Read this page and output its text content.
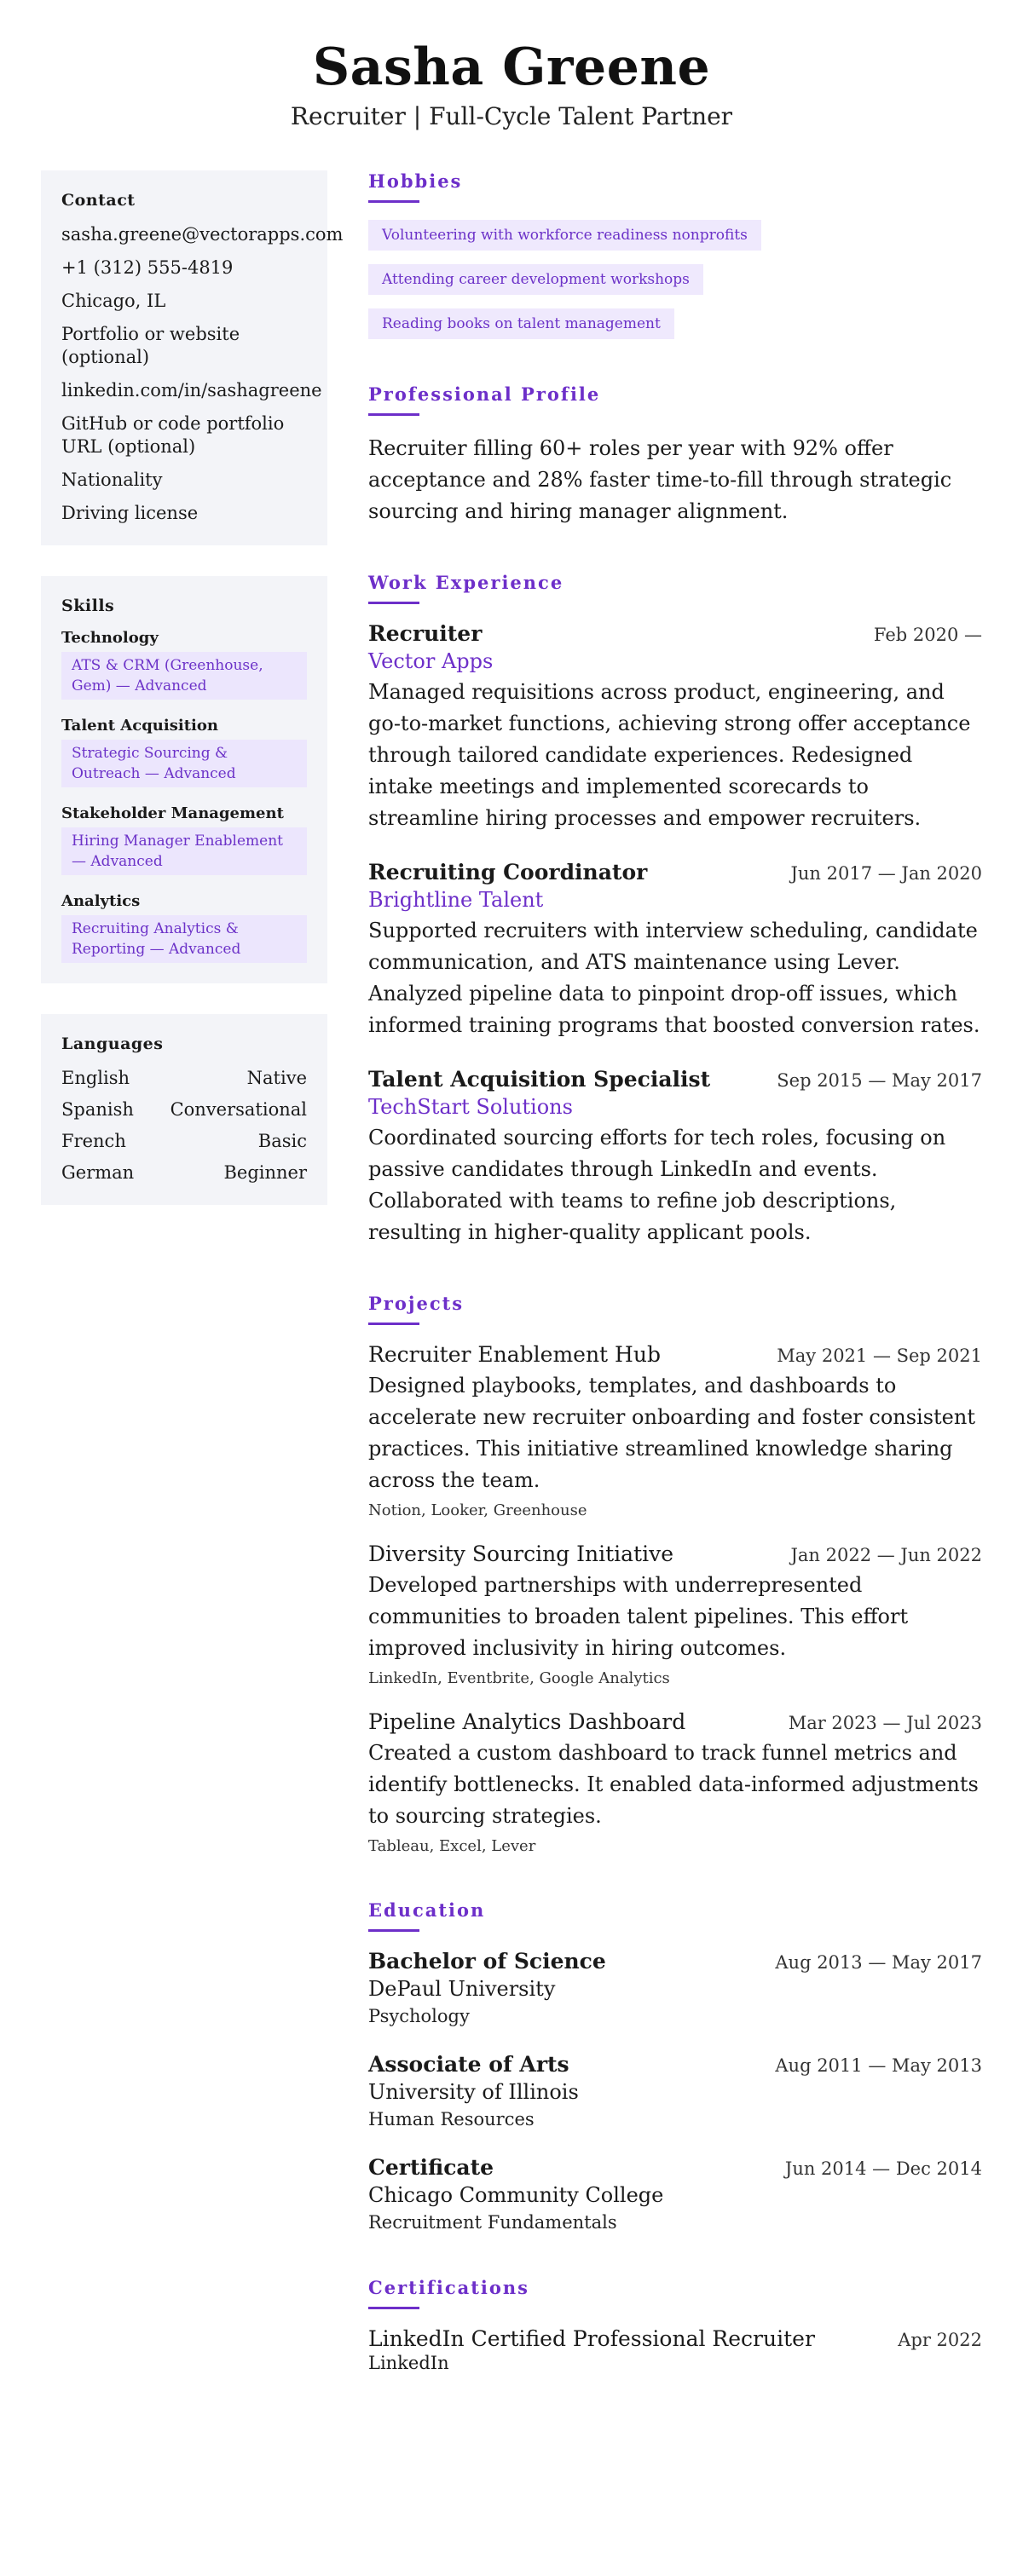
Sasha Greene
Recruiter | Full-Cycle Talent Partner
Contact
sasha.greene@vectorapps.com
+1 (312) 555-4819
Chicago, IL
Portfolio or website (optional)
linkedin.com/in/sashagreene
GitHub or code portfolio URL (optional)
Nationality
Driving license
Skills
Technology
ATS & CRM (Greenhouse, Gem) — Advanced
Talent Acquisition
Strategic Sourcing & Outreach — Advanced
Stakeholder Management
Hiring Manager Enablement — Advanced
Analytics
Recruiting Analytics & Reporting — Advanced
Languages
English	Native
Spanish Conversational
French	Basic
German	Beginner
Hobbies
Volunteering with workforce readiness nonprofits
Attending career development workshops
Reading books on talent management
Professional Profile
Recruiter filling 60+ roles per year with 92% offer acceptance and 28% faster time-to-fill through strategic sourcing and hiring manager alignment.
Work Experience
Recruiter	Feb 2020 —
Vector Apps
Managed requisitions across product, engineering, and go-to-market functions, achieving strong offer acceptance through tailored candidate experiences. Redesigned intake meetings and implemented scorecards to streamline hiring processes and empower recruiters.
Recruiting Coordinator	Jun 2017 — Jan 2020
Brightline Talent
Supported recruiters with interview scheduling, candidate communication, and ATS maintenance using Lever. Analyzed pipeline data to pinpoint drop-off issues, which informed training programs that boosted conversion rates.
Talent Acquisition Specialist	Sep 2015 — May 2017
TechStart Solutions
Coordinated sourcing efforts for tech roles, focusing on passive candidates through LinkedIn and events. Collaborated with teams to refine job descriptions, resulting in higher-quality applicant pools.
Projects
Recruiter Enablement Hub	May 2021 — Sep 2021
Designed playbooks, templates, and dashboards to accelerate new recruiter onboarding and foster consistent practices. This initiative streamlined knowledge sharing across the team.
Notion, Looker, Greenhouse
Diversity Sourcing Initiative	Jan 2022 — Jun 2022
Developed partnerships with underrepresented communities to broaden talent pipelines. This effort improved inclusivity in hiring outcomes.
LinkedIn, Eventbrite, Google Analytics
Pipeline Analytics Dashboard	Mar 2023 — Jul 2023
Created a custom dashboard to track funnel metrics and identify bottlenecks. It enabled data-informed adjustments to sourcing strategies.
Tableau, Excel, Lever
Education
Bachelor of Science	Aug 2013 — May 2017
DePaul University
Psychology
Associate of Arts	Aug 2011 — May 2013
University of Illinois
Human Resources
Certificate	Jun 2014 — Dec 2014
Chicago Community College
Recruitment Fundamentals
Certifications
LinkedIn Certified Professional Recruiter	Apr 2022
LinkedIn
